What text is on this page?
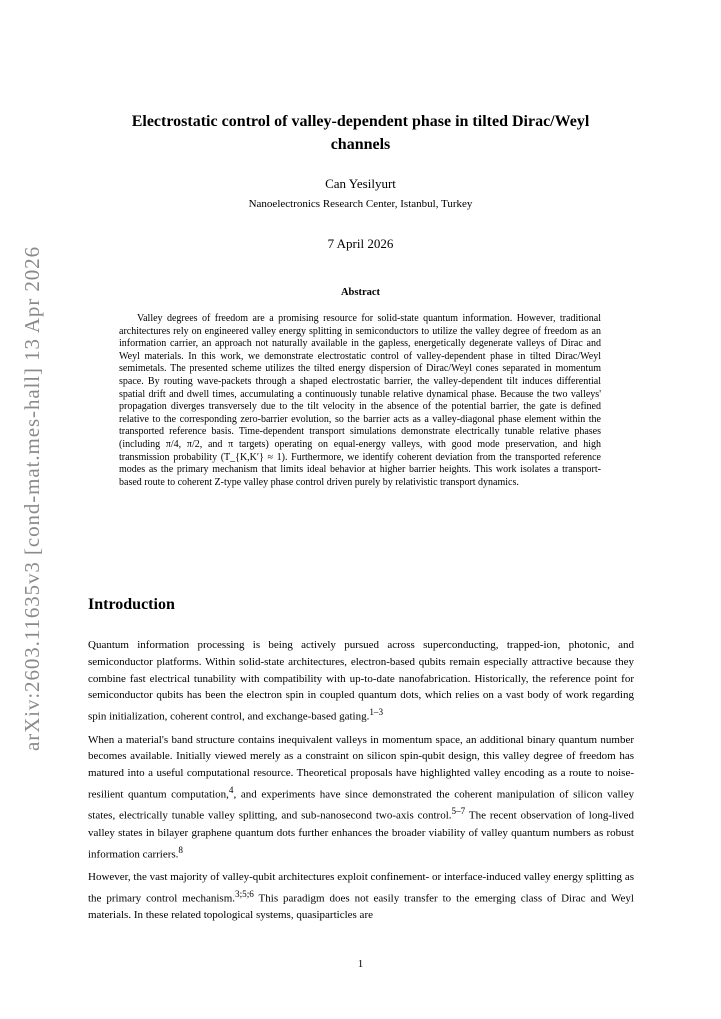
arXiv:2603.11635v3 [cond-mat.mes-hall] 13 Apr 2026
Electrostatic control of valley-dependent phase in tilted Dirac/Weyl channels

Can Yesilyurt

Nanoelectronics Research Center, Istanbul, Turkey

7 April 2026

Abstract

Valley degrees of freedom are a promising resource for solid-state quantum information. However, traditional architectures rely on engineered valley energy splitting in semiconductors to utilize the valley degree of freedom as an information carrier, an approach not naturally available in the gapless, energetically degenerate valleys of Dirac and Weyl materials. In this work, we demonstrate electrostatic control of valley-dependent phase in tilted Dirac/Weyl semimetals. The presented scheme utilizes the tilted energy dispersion of Dirac/Weyl cones separated in momentum space. By routing wave-packets through a shaped electrostatic barrier, the valley-dependent tilt induces differential spatial drift and dwell times, accumulating a continuously tunable relative dynamical phase. Because the two valleys' propagation diverges transversely due to the tilt velocity in the absence of the potential barrier, the gate is defined relative to the corresponding zero-barrier evolution, so the barrier acts as a valley-diagonal phase element within the transported reference basis. Time-dependent transport simulations demonstrate electrically tunable relative phases (including π/4, π/2, and π targets) operating on equal-energy valleys, with good mode preservation, and high transmission probability (T_{K,K′} ≈ 1). Furthermore, we identify coherent deviation from the transported reference modes as the primary mechanism that limits ideal behavior at higher barrier heights. This work isolates a transport-based route to coherent Z-type valley phase control driven purely by relativistic transport dynamics.

Introduction

Quantum information processing is being actively pursued across superconducting, trapped-ion, photonic, and semiconductor platforms. Within solid-state architectures, electron-based qubits remain especially attractive because they combine fast electrical tunability with compatibility with up-to-date nanofabrication. Historically, the reference point for semiconductor qubits has been the electron spin in coupled quantum dots, which relies on a vast body of work regarding spin initialization, coherent control, and exchange-based gating.$^{1-3}$

When a material's band structure contains inequivalent valleys in momentum space, an additional binary quantum number becomes available. Initially viewed merely as a constraint on silicon spin-qubit design, this valley degree of freedom has matured into a useful computational resource. Theoretical proposals have highlighted valley encoding as a route to noise-resilient quantum computation,$^4$, and experiments have since demonstrated the coherent manipulation of silicon valley states, electrically tunable valley splitting, and sub-nanosecond two-axis control.$^{5-7}$ The recent observation of long-lived valley states in bilayer graphene quantum dots further enhances the broader viability of valley quantum numbers as robust information carriers.$^8$

However, the vast majority of valley-qubit architectures exploit confinement- or interface-induced valley energy splitting as the primary control mechanism.$^{3;5;6}$ This paradigm does not easily transfer to the emerging class of Dirac and Weyl materials. In these related topological systems, quasiparticles are

1
